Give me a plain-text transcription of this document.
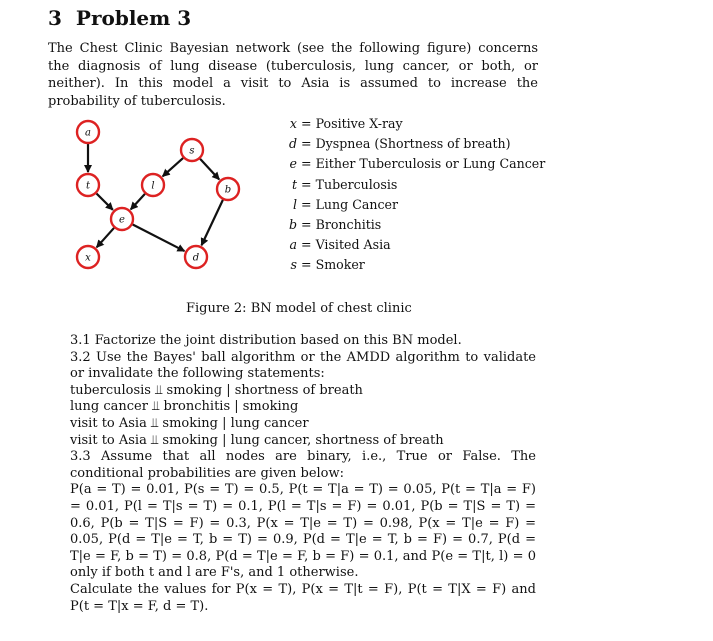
3 Problem 3
The Chest Clinic Bayesian network (see the following figure) concerns the diagnosis of lung disease (tuberculosis, lung cancer, or both, or neither). In this model a visit to Asia is assumed to increase the probability of tuberculosis.
a
s
t	l	b
e
x	d
x = Positive X-ray
d = Dyspnea (Shortness of breath)
e = Either Tuberculosis or Lung Cancer
t = Tuberculosis
l = Lung Cancer
b = Bronchitis
a = Visited Asia
s = Smoker
Figure 2: BN model of chest clinic

3.1 Factorize the joint distribution based on this BN model.

3.2 Use the Bayes' ball algorithm or the AMDD algorithm to validate or invalidate the following statements:

tuberculosis ⫫ smoking | shortness of breath

lung cancer ⫫ bronchitis | smoking

visit to Asia ⫫ smoking | lung cancer

visit to Asia ⫫ smoking | lung cancer, shortness of breath

3.3 Assume that all nodes are binary, i.e., True or False. The conditional probabilities are given below:

P(a = T) = 0.01, P(s = T) = 0.5, P(t = T|a = T) = 0.05, P(t = T|a = F) = 0.01, P(l = T|s = T) = 0.1, P(l = T|s = F) = 0.01, P(b = T|S = T) = 0.6, P(b = T|S = F) = 0.3, P(x = T|e = T) = 0.98, P(x = T|e = F) = 0.05, P(d = T|e = T, b = T) = 0.9, P(d = T|e = T, b = F) = 0.7, P(d = T|e = F, b = T) = 0.8, P(d = T|e = F, b = F) = 0.1, and P(e = T|t, l) = 0 only if both t and l are F's, and 1 otherwise.

Calculate the values for P(x = T), P(x = T|t = F), P(t = T|X = F) and P(t = T|x = F, d = T).
